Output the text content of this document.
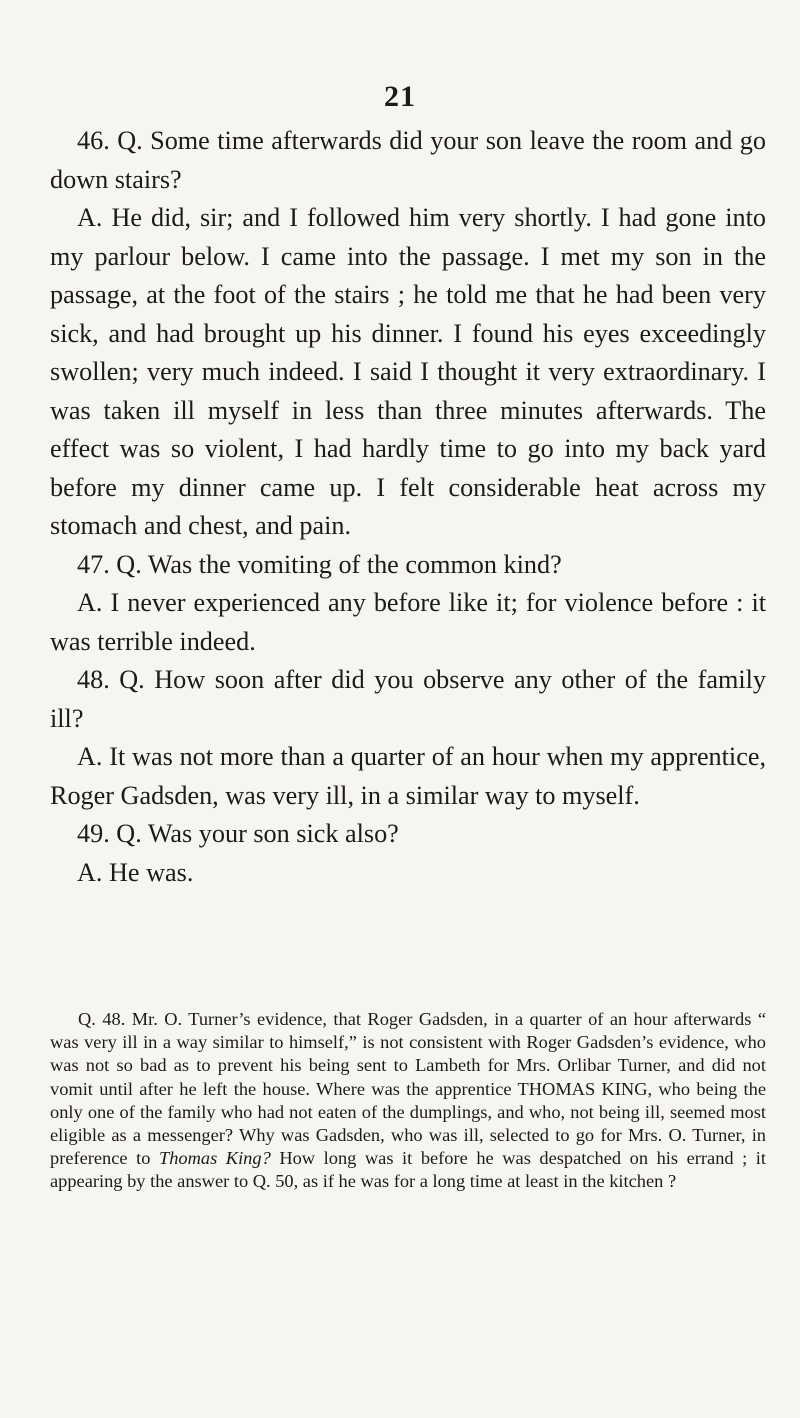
21

46. Q. Some time afterwards did your son leave the room and go down stairs?

A. He did, sir; and I followed him very shortly. I had gone into my parlour below. I came into the passage. I met my son in the passage, at the foot of the stairs ; he told me that he had been very sick, and had brought up his dinner. I found his eyes exceedingly swollen; very much indeed. I said I thought it very extraordinary. I was taken ill myself in less than three minutes afterwards. The effect was so violent, I had hardly time to go into my back yard before my dinner came up. I felt considerable heat across my stomach and chest, and pain.

47. Q. Was the vomiting of the common kind?

A. I never experienced any before like it; for violence before : it was terrible indeed.

48. Q. How soon after did you observe any other of the family ill?

A. It was not more than a quarter of an hour when my apprentice, Roger Gadsden, was very ill, in a similar way to myself.

49. Q. Was your son sick also?

A. He was.

Q. 48. Mr. O. Turner’s evidence, that Roger Gadsden, in a quarter of an hour afterwards “ was very ill in a way similar to himself,” is not consistent with Roger Gadsden’s evidence, who was not so bad as to prevent his being sent to Lambeth for Mrs. Orlibar Turner, and did not vomit until after he left the house. Where was the apprentice THOMAS KING, who being the only one of the family who had not eaten of the dumplings, and who, not being ill, seemed most eligible as a messenger? Why was Gadsden, who was ill, selected to go for Mrs. O. Turner, in preference to Thomas King? How long was it before he was despatched on his errand ; it appearing by the answer to Q. 50, as if he was for a long time at least in the kitchen ?
